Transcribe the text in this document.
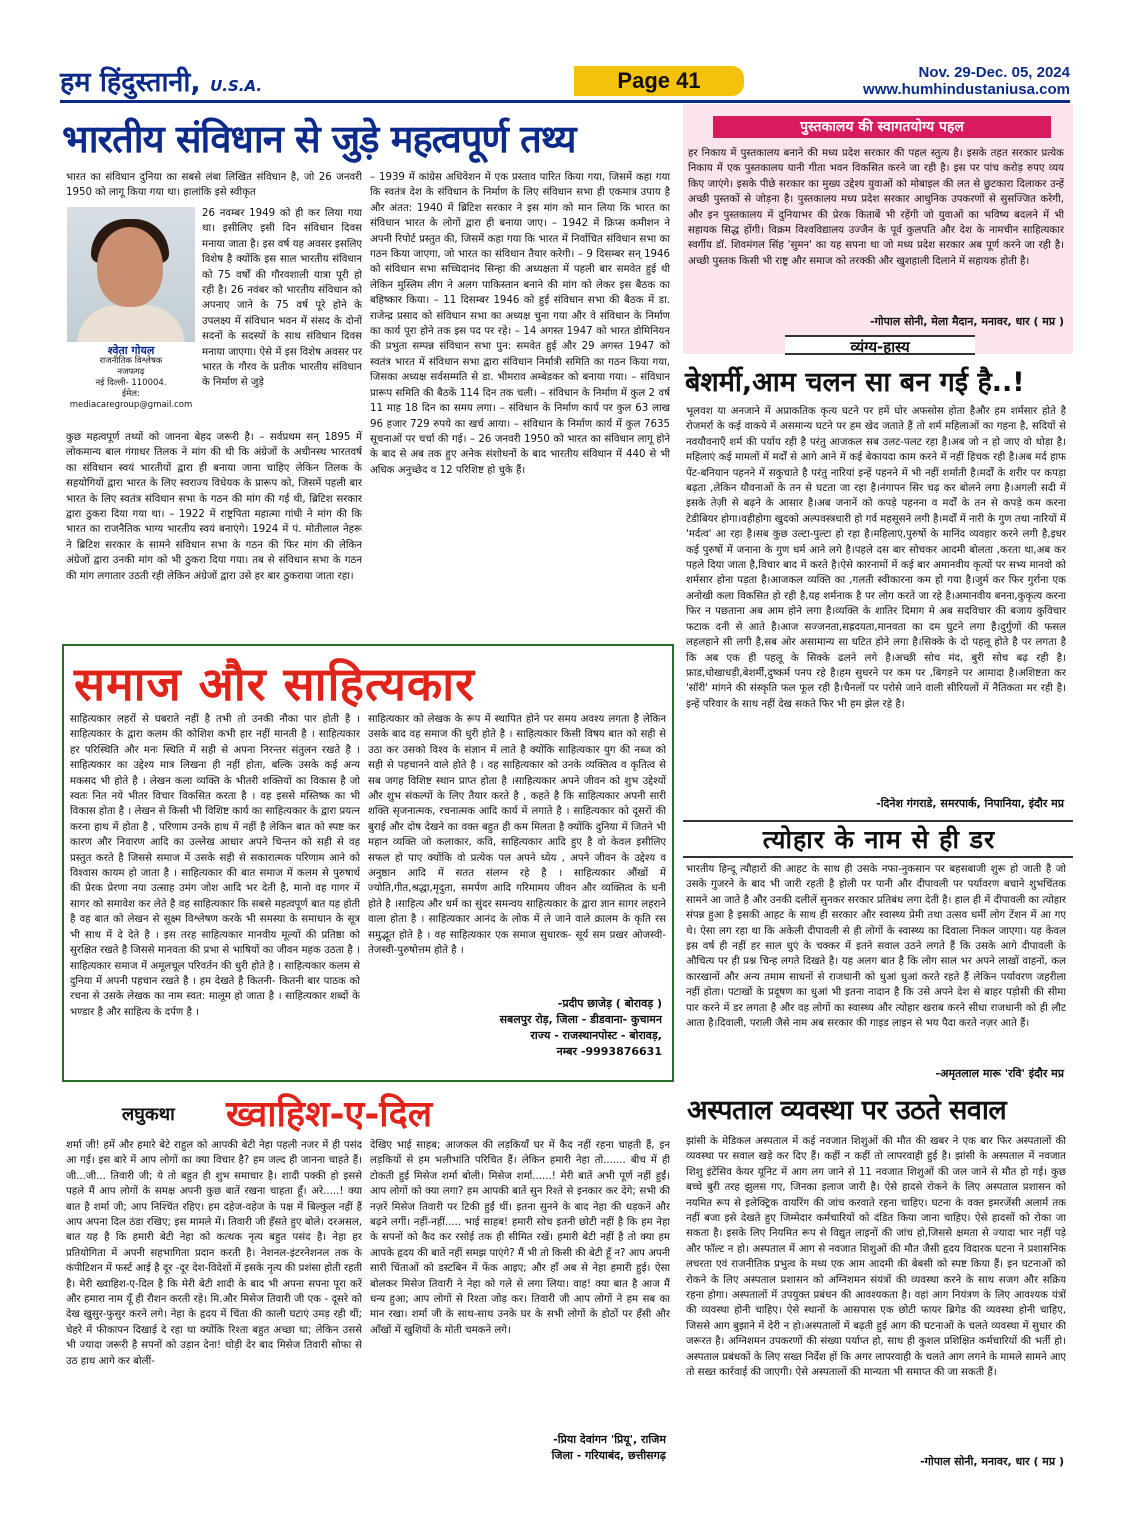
हम हिंदुस्तानी, U.S.A.	Page 41	Nov. 29-Dec. 05, 2024
www.humhindustaniusa.com
भारतीय संविधान से जुड़े महत्वपूर्ण तथ्य
श्वेता गोयल
राजनीतिक विश्लेषक
नजफगढ़
नई दिल्ली- 110004.
ईमेल: mediacaregroup@gmail.com
भारत का संविधान दुनिया का सबसे लंबा लिखित संविधान है, जो 26 जनवरी 1950 को लागू किया गया था। हालांकि इसे स्वीकृत
26 नवम्बर 1949 को ही कर लिया गया था। इसीलिए इसी दिन संविधान दिवस मनाया जाता है। इस वर्ष यह अवसर इसलिए विशेष है क्योंकि इस साल भारतीय संविधान को 75 वर्षों की गौरवशाली यात्रा पूरी हो रही है। 26 नवंबर को भारतीय संविधान को अपनाए जाने के 75 वर्ष पूरे होने के उपलक्ष्य में संविधान भवन में संसद के दोनों सदनों के सदस्यों के साथ संविधान दिवस मनाया जाएगा। ऐसे में इस विशेष अवसर पर भारत के गौरव के प्रतीक भारतीय संविधान के निर्माण से जुड़े
कुछ महत्वपूर्ण तथ्यों को जानना बेहद जरूरी है। – सर्वप्रथम सन् 1895 में लोकमान्य बाल गंगाधर तिलक ने मांग की थी कि अंग्रेजों के अधीनस्थ भारतवर्ष का संविधान स्वयं भारतीयों द्वारा ही बनाया जाना चाहिए लेकिन तिलक के सहयोगियों द्वारा भारत के लिए स्वराज्य विधेयक के प्रारूप को, जिसमें पहली बार भारत के लिए स्वतंत्र संविधान सभा के गठन की मांग की गई थी, ब्रिटिश सरकार द्वारा ठुकरा दिया गया था। – 1922 में राष्ट्रपिता महात्मा गांधी ने मांग की कि भारत का राजनैतिक भाग्य भारतीय स्वयं बनाएंगे। 1924 में पं. मोतीलाल नेहरू ने ब्रिटिश सरकार के सामने संविधान सभा के गठन की फिर मांग की लेकिन अंग्रेजों द्वारा उनकी मांग को भी ठुकरा दिया गया। तब से संविधान सभा के गठन की मांग लगातार उठती रही लेकिन अंग्रेजों द्वारा उसे हर बार ठुकराया जाता रहा।
– 1939 में कांग्रेस अधिवेशन में एक प्रस्ताव पारित किया गया, जिसमें कहा गया कि स्वतंत्र देश के संविधान के निर्माण के लिए संविधान सभा ही एकमात्र उपाय है और अंतत: 1940 में ब्रिटिश सरकार ने इस मांग को मान लिया कि भारत का संविधान भारत के लोगों द्वारा ही बनाया जाए। – 1942 में क्रिप्स कमीशन ने अपनी रिपोर्ट प्रस्तुत की, जिसमें कहा गया कि भारत में निर्वाचित संविधान सभा का गठन किया जाएगा, जो भारत का संविधान तैयार करेगी। – 9 दिसम्बर सन् 1946 को संविधान सभा सच्चिदानंद सिन्हा की अध्यक्षता में पहली बार समवेत हुई थी लेकिन मुस्लिम लीग ने अलग पाकिस्तान बनाने की मांग को लेकर इस बैठक का बहिष्कार किया। – 11 दिसम्बर 1946 को हुई संविधान सभा की बैठक में डा. राजेन्द्र प्रसाद को संविधान सभा का अध्यक्ष चुना गया और वे संविधान के निर्माण का कार्य पूरा होने तक इस पद पर रहे। – 14 अगस्त 1947 को भारत डोमिनियन की प्रभुता सम्पन्न संविधान सभा पुन: समवेत हुई और 29 अगस्त 1947 को स्वतंत्र भारत में संविधान सभा द्वारा संविधान निर्मात्री समिति का गठन किया गया, जिसका अध्यक्ष सर्वसम्मति से डा. भीमराव अम्बेडकर को बनाया गया। – संविधान प्रारूप समिति की बैठकें 114 दिन तक चली। – संविधान के निर्माण में कुल 2 वर्ष 11 माह 18 दिन का समय लगा। – संविधान के निर्माण कार्य पर कुल 63 लाख 96 हजार 729 रुपये का खर्च आया। – संविधान के निर्माण कार्य में कुल 7635 सूचनाओं पर चर्चा की गई। – 26 जनवरी 1950 को भारत का संविधान लागू होने के बाद से अब तक हुए अनेक संशोधनों के बाद भारतीय संविधान में 440 से भी अधिक अनुच्छेद व 12 परिशिष्ट हो चुके हैं।
समाज और साहित्यकार
साहित्यकार लहरों से घबराते नहीं है तभी तो उनकी नौका पार होती है । साहित्यकार के द्वारा कलम की कोशिश कभी हार नहीं मानती है । साहित्यकार हर परिस्थिति और मनः स्थिति में सही से अपना निरन्तर संतुलन रखते है । साहित्यकार का उद्देश्य मात्र लिखना ही नहीं होता, बल्कि उसके कई अन्य मकसद भी होते है । लेखन कला व्यक्ति के भीतरी शक्तियों का विकास है जो स्वतः नित नये भीतर विचार विकसित करता है । वह इससे मस्तिष्क का भी विकास होता है । लेखन से किसी भी विशिष्ट कार्य का साहित्यकार के द्वारा प्रयत्न करना हाथ में होता है , परिणाम उनके हाथ में नहीं है लेकिन बात को स्पष्ट कर कारण और निवारण आदि का उल्लेख आधार अपने चिन्तन को सही से वह प्रस्तुत करते है जिससे समाज में उसके सही से सकारात्मक परिणाम आने को विश्वास कायम हो जाता है । साहित्यकार की बात समाज में कलम से पुरुषार्थ की प्रेरक प्रेरणा नया उत्साह उमंग जोश आदि भर देती है, मानो वह गागर में सागर को समावेश कर लेते है वह साहित्यकार कि सबसे महत्वपूर्ण बात यह होती है वह बात को लेखन से सूक्ष्म विश्लेषण करके भी समस्या के समाधान के सूत्र भी साथ में दे देते है । इस तरह साहित्यकार मानवीय मूल्यों की प्रतिष्ठा को सुरक्षित रखते है जिससे मानवता की प्रभा से भाषियों का जीवन महक उठता है । साहित्यकार समाज में अमूलचूल परिवर्तन की धुरी होते है । साहित्यकार कलम से दुनिया में अपनी पहचान रखते है । हम देखते है कितनी- कितनी बार पाठक को रचना से उसके लेखक का नाम स्वत: मालूम हो जाता है । साहित्यकार शब्दों के भण्डार है और साहित्य के दर्पण है ।
साहित्यकार को लेखक के रूप में स्थापित होने पर समय अवश्य लगता है लेकिन उसके बाद वह समाज की धुरी होते है । साहित्यकार किसी विषय बात को सही से उठा कर उसको विश्व के संज्ञान में लाते है क्योंकि साहित्यकार युग की नब्ज को सही से पहचानने वाले होते है । वह साहित्यकार को उनके व्यक्तित्व व कृतित्व से सब जगह विशिष्ट स्थान प्राप्त होता है ।साहित्यकार अपने जीवन को शुभ उद्देश्यों और शुभ संकल्पों के लिए तैयार करते है , कहते है कि साहित्यकार अपनी सारी शक्ति सृजनात्मक, रचनात्मक आदि कार्य में लगाते है । साहित्यकार को दूसरों की बुराई और दोष देखने का वक्त बहुत ही कम मिलता है क्योंकि दुनिया में जितने भी महान व्यक्ति जो कलाकार, कवि, साहित्यकार आदि हुए है वो केवल इसीलिए सफल हो पाए क्योंकि वो प्रत्येक पल अपने ध्येय , अपने जीवन के उद्देश्य व अनुष्ठान आदि में सतत संलग्न रहे है । साहित्यकार औंखों में ज्योति,गीत,श्रद्धा,मृदुता, समर्पण आदि गरिमामय जीवन और व्यक्तित्व के धनी होते है ।साहित्य और धर्म का सुंदर समन्वय साहित्यकार के द्वारा ज्ञान सागर लहराने वाला होता है । साहित्यकार आनंद के लोक में ले जाने वाले क्रालम के कृति रस समुद्भूत होते है । वह साहित्यकार एक समाज सुधारक- सूर्य सम प्रखर ओजस्वी-तेजस्वी-पुरुषोत्तम होते है ।
-प्रदीप छाजेड़ ( बोरावड़ )
सबलपुर रोड़, जिला - डीडवाना- कुचामन
राज्य - राजस्थानपोस्ट - बोरावड़,
नम्बर -9993876631
लघुकथा ख्वाहिश-ए-दिल
शर्मा जी! हमें और हमारे बेटे राहुल को आपकी बेटी नेहा पहली नजर में ही पसंद आ गई। इस बारे में आप लोगों का क्या विचार है? हम जल्द ही जानना चाहते हैं। जी...जी... तिवारी जी; ये तो बहुत ही शुभ समाचार है। शादी पक्की हो इससे पहले मैं आप लोगों के समक्ष अपनी कुछ बातें रखना चाहता हूँ। अरे.....! क्या बात है शर्मा जी; आप निश्चिंत रहिए। हम दहेज-वहेज के पक्ष में बिल्कुल नहीं हैं आप अपना दिल ठंडा रखिए; इस मामले में। तिवारी जी हँसते हुए बोले। दरअसल, बात यह है कि हमारी बेटी नेहा को कत्थक नृत्य बहुत पसंद है। नेहा हर प्रतियोगिता में अपनी सहभागिता प्रदान करती है। नेशनल-इंटरनेशनल तक के कंपीटिशन में फर्स्ट आई है दूर -दूर देश-विदेशों में इसके नृत्य की प्रशंसा होती रहती है। मेरी ख्वाहिश-ए-दिल है कि मेरी बेटी शादी के बाद भी अपना सपना पूरा करें और हमारा नाम यूँ ही रौशन करती रहे। मि.और मिसेज तिवारी जी एक - दूसरे को देख खुसुर-फुसुर करने लगे। नेहा के हृदय में चिंता की काली घटाएं उमड़ रही थीं; चेहरे में फीकापन दिखाई दे रहा था क्योंकि रिश्ता बहुत अच्छा था; लेकिन उससे भी ज्यादा जरूरी है सपनों को उड़ान देना! थोड़ी देर बाद मिसेज तिवारी सोफा से उठ हाथ आगे कर बोलीं-
देखिए भाई साहब; आजकल की लड़कियाँ घर में कैद नहीं रहना चाहती हैं, इन लड़कियों से हम भलीभांति परिचित हैं। लेकिन हमारी नेहा तो....... बीच में ही टोकती हुई मिसेज शर्मा बोली। मिसेज शर्मा......! मेरी बातें अभी पूर्ण नहीं हुईं। आप लोगों को क्या लगा? हम आपकी बातें सुन रिश्ते से इनकार कर देंगे; सभी की नज़रें मिसेज तिवारी पर टिकी हुईं थीं। इतना सुनने के बाद नेहा की धड़कनें और बढ़ने लगीं। नहीं-नहीं..... भाई साहब! हमारी सोच इतनी छोटी नहीं है कि हम नेहा के सपनों को कैद कर रसोई तक ही सीमित रखें। हमारी बेटी नहीं है तो क्या हम आपके हृदय की बातें नहीं समझ पाएंगे? मैं भी तो किसी की बेटी हूँ न? आप अपनी सारी चिंताओं को डस्टबिन में फेंक आइए; और हाँ अब से नेहा हमारी हुई। ऐसा बोलकर मिसेज तिवारी ने नेहा को गले से लगा लिया। वाह! क्या बात है आज मैं धन्य हुआ; आप लोगों से रिश्ता जोड़ कर। तिवारी जी आप लोगों ने हम सब का मान रखा। शर्मा जी के साथ-साथ उनके घर के सभी लोगों के होठों पर हँसी और आँखों में खुशियों के मोती चमकने लगे।
-प्रिया देवांगन 'प्रियू', राजिम
जिला - गरियाबंद, छत्तीसगढ़
पुस्तकालय की स्वागतयोग्य पहल
हर निकाय में पुस्तकालय बनाने की मध्य प्रदेश सरकार की पहल स्तुत्य है। इसके तहत सरकार प्रत्येक निकाय में एक पुस्तकालय यानी गीता भवन विकसित करने जा रही है। इस पर पांच करोड़ रुपए व्यय किए जाएंगे। इसके पीछे सरकार का मुख्य उद्देश्य युवाओं को मोबाइल की लत से छुटकारा दिलाकर उन्हें अच्छी पुस्तकों से जोड़ना है। पुस्तकालय मध्य प्रदेश सरकार आधुनिक उपकरणों से सुसज्जित करेगी, और इन पुस्तकालय में दुनियाभर की प्रेरक किताबें भी रहेंगी जो युवाओं का भविष्य बदलने में भी सहायक सिद्ध होंगी। विक्रम विश्वविद्यालय उज्जैन के पूर्व कुलपति और देश के नामचीन साहित्यकार स्वर्गीय डॉ. शिवमंगल सिंह 'सुमन' का यह सपना था जो मध्य प्रदेश सरकार अब पूर्ण करने जा रही है। अच्छी पुस्तक किसी भी राष्ट्र और समाज को तरक्की और खुशहाली दिलाने में सहायक होती है।
-गोपाल सोनी, मेला मैदान, मनावर, धार ( मप्र )
व्यंग्य-हास्य
बेशर्मी,आम चलन सा बन गई है..!
भूलवश या अनजाने में अप्राकतिक कृत्य घटने पर हमें घोर अफसोस होता हैऔर हम शर्मसार होते है रोजमर्रा के कई वाकये में असमान्य घटने पर हम खेद जताते हैं तो शर्म महिलाओं का गहना है, सदियों से नवयौवनाएँ शर्म की पर्याय रही है परंतु आजकल सब उलट-पलट रहा है।अब जो न हो जाए वो थोड़ा है।महिलाएं कई मामलों में मर्दों से आगे आने में कई बेकायदा काम करने में नहीं हिचक रही है।अब मर्द हाफ पेंट-बनियान पहनने में सकुचाते है परंतु नारियां इन्हें पहनने में भी नहीं शर्माती है।मर्दों के शरीर पर कपड़ा बढ़ता ,लेकिन यौवनाओं के तन से घटता जा रहा है।नंगापन सिर चढ़ कर बोलने लगा है।अगली सदी में इसके तेज़ी से बढ़ने के आसार है।अब जनानें को कपड़े पहनना व मर्दों के तन से कपड़े कम करना टेडीबियर होगा।वहीहोगा खुदको अल्पवस्त्रधारी हो गर्व महसूसने लगी है।मर्दों में नारी के गुण तथा नारियों में 'मर्दत्व' आ रहा है।सब कुछ उल्टा-पुल्टा हो रहा है।महिलाएं,पुरुषों के मानिंद व्यवहार करने लगी है,इधर कई पुरुषों में जनाना के गुण धर्म आने लगे है।पहले दस बार सोचकर आदमी बोलता ,करता था,अब कर पहले दिया जाता है,विचार बाद में करते है।ऐसे कारनामों में कई बार अमानवीय कृत्यों पर सभ्य मानवो को शर्मसार होना पड़ता है।आजकल व्यक्ति का ,गलती स्वीकारना कम हो गया है।जुर्म कर फिर गुर्राना एक अनोखी कला विकसित हो रही है,यह शर्मनाक है पर लोग करते जा रहे है।अमानवीय बनना,कुकृत्य करना फिर न पछताना अब आम होने लगा है।व्यक्ति के शातिर दिमाग मे अब सदविचार की बजाय कुविचार फटाक दनी से आते है।आज सज्जनता,सह्रदयता,मानवता का दम घुटने लगा है।दुर्गुणों की फसल लहलहाने सी लगी है,सब ओर असामान्य सा घटित होने लगा है।सिक्के के दो पहलू होते है पर लगता है कि अब एक ही पहलू के सिक्के ढलने लगे है।अच्छी सोच मंद, बुरी सोच बढ़ रही है।फ्राड,धोखाधड़ी,बेशर्मी,दुष्कर्म पनप रहे है।हम सुधरने पर कम पर ,बिगड़ने पर आमादा है।अशिष्टता कर 'सॉरी' मांगने की संस्कृति फल फूल रही है।चैनलों पर परोसे जाने वाली सीरियलों में नैतिकता मर रही है।इन्हें परिवार के साथ नहीं देख सकते फिर भी हम झेल रहे है।
-दिनेश गंगराडे, समरपार्क, निपानिया, इंदौर मप्र
त्योहार के नाम से ही डर
भारतीय हिन्दू त्यौहारों की आहट के साथ ही उसके नफा-नुकसान पर बहसबाजी शुरू हो जाती है जो उसके गुजरने के बाद भी जारी रहती है होली पर पानी और दीपावली पर पर्यावरण बचाने शुभचिंतक सामने आ जाते है और उनकी दलीलें सुनकर सरकार प्रतिबंध लगा देती है। हाल ही में दीपावली का त्योहार संपन्न हुआ है इसकी आहट के साथ ही सरकार और स्वास्थ्य प्रेमी तथा उत्सव धर्मी लोग टेंशन में आ गए थे। ऐसा लग रहा था कि अकेली दीपावली से ही लोगों के स्वास्थ्य का दिवाला निकल जाएगा। यह केवल इस वर्ष ही नहीं हर साल धुएं के चक्कर में इतने सवाल उठने लगते हैं कि उसके आगे दीपावली के औचित्य पर ही प्रश्न चिन्ह लगते दिखते है। यह अलग बात है कि लोग साल भर अपने लाखों वाहनों, कल कारखानों और अन्य तमाम साधनों से राजधानी को धुआं धुआं करते रहते हैं लेकिन पर्यावरण जहरीला नहीं होता। पटाखों के प्रदूषण का धुआं भी इतना नादान है कि उसे अपने देश से बाहर पड़ोसी की सीमा पार करने में डर लगता है और वह लोगों का स्वास्थ्य और त्योहार खराब करने सीधा राजधानी को ही लौट आता है।दिवाली, पराली जैसे नाम अब सरकार की गाइड लाइन से भय पैदा करते नज़र आते हैं।
-अमृतलाल मारू 'रवि' इंदौर मप्र
अस्पताल व्यवस्था पर उठते सवाल
झांसी के मेडिकल अस्पताल में कई नवजात शिशुओं की मौत की खबर ने एक बार फिर अस्पतालों की व्यवस्था पर सवाल खड़े कर दिए हैं। कहीं न कहीं तो लापरवाही हुई है। झांसी के अस्पताल में नवजात शिशु इंटेंसिव केयर यूनिट में आग लग जाने से 11 नवजात शिशुओं की जल जाने से मौत हो गई। कुछ बच्चे बुरी तरह झुलस गए, जिनका इलाज जारी है। ऐसे हादसे रोकने के लिए अस्पताल प्रशासन को नयमित रूप से इलेक्ट्रिक वायरिंग की जांच करवाते रहना चाहिए। घटना के वक्त इमरजेंसी अलार्म तक नहीं बजा इसे देखते हुए जिम्मेदार कर्मचारियों को दंडित किया जाना चाहिए। ऐसे हादसों को रोका जा सकता है। इसके लिए नियमित रूप से विद्युत लाइनों की जांच हो,जिससे क्षमता से ज्यादा भार नहीं पड़े और फॉल्ट न हो। अस्पताल में आग से नवजात शिशुओं की मौत जैसी हृदय विदारक घटना ने प्रशासनिक लचरता एवं राजनीतिक प्रभुत्व के मध्य एक आम आदमी की बेबसी को स्पष्ट किया हैं। इन घटनाओं को रोकने के लिए अस्पताल प्रशासन को अग्निशमन संयंत्रों की व्यवस्था करने के साथ सजग और सक्रिय रहना होगा। अस्पतालों में उपयुक्त प्रबंधन की आवश्यकता है। वहां आग नियंत्रण के लिए आवश्यक यंत्रों की व्यवस्था होनी चाहिए। ऐसे स्थानों के आसपास एक छोटी फायर ब्रिगेड की व्यवस्था होनी चाहिए, जिससे आग बुझाने में देरी न हो।अस्पतालों में बढ़ती हुई आग की घटनाओं के चलते व्यवस्था में सुधार की जरूरत है। अग्निशमन उपकरणों की संख्या पर्याप्त हो, साथ ही कुशल प्रशिक्षित कर्मचारियों की भर्ती हो। अस्पताल प्रबंधकों के लिए सख्त निर्देश हों कि अगर लापरवाही के चलते आग लगने के मामले सामने आए तो सख्त कार्रवाई की जाएगी। ऐसे अस्पतालों की मान्यता भी समाप्त की जा सकती हैं।
-गोपाल सोनी, मनावर, धार ( मप्र )
